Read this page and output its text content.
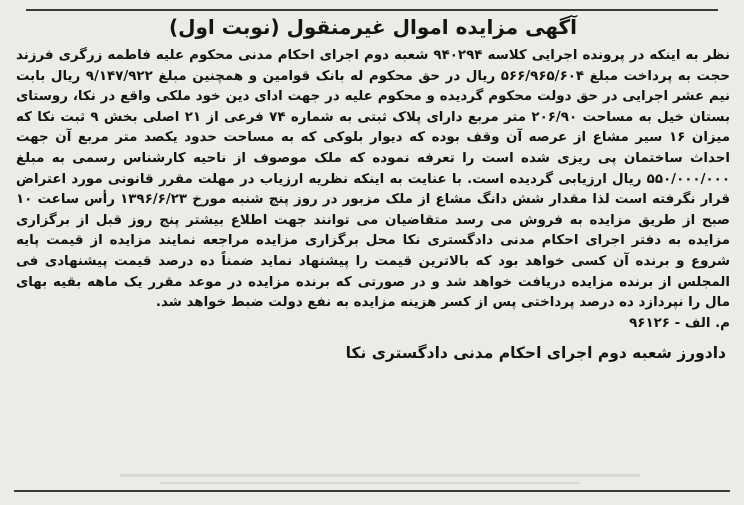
آگهی مزایده اموال غیرمنقول (نوبت اول)

نظر به اینکه در پرونده اجرایی کلاسه ۹۴۰۲۹۴ شعبه دوم اجرای احکام مدنی محکوم علیه فاطمه زرگری فرزند حجت به پرداخت مبلغ ۵۶۶/۹۶۵/۶۰۴ ریال در حق محکوم له بانک قوامین و همچنین مبلغ ۹/۱۴۷/۹۲۲ ریال بابت نیم عشر اجرایی در حق دولت محکوم گردیده و محکوم علیه در جهت ادای دین خود ملکی واقع در نکا، روستای بستان خیل به مساحت ۲۰۶/۹۰ متر مربع دارای پلاک ثبتی به شماره ۷۴ فرعی از ۲۱ اصلی بخش ۹ ثبت نکا که میزان ۱۶ سیر مشاع از عرصه آن وقف بوده که دیوار بلوکی که به مساحت حدود یکصد متر مربع آن جهت احداث ساختمان پی ریزی شده است را تعرفه نموده که ملک موصوف از ناحیه کارشناس رسمی به مبلغ ۵۵۰/۰۰۰/۰۰۰ ریال ارزیابی گردیده است. با عنایت به اینکه نظریه ارزیاب در مهلت مقرر قانونی مورد اعتراض قرار نگرفته است لذا مقدار شش دانگ مشاع از ملک مزبور در روز پنج شنبه مورخ ۱۳۹۶/۶/۲۳ رأس ساعت ۱۰ صبح از طریق مزایده به فروش می رسد متقاضیان می توانند جهت اطلاع بیشتر پنج روز قبل از برگزاری مزایده به دفتر اجرای احکام مدنی دادگستری نکا محل برگزاری مزایده مراجعه نمایند مزایده از قیمت پایه شروع و برنده آن کسی خواهد بود که بالاترین قیمت را پیشنهاد نماید ضمناً ده درصد قیمت پیشنهادی فی المجلس از برنده مزایده دریافت خواهد شد و در صورتی که برنده مزایده در موعد مقرر یک ماهه بقیه بهای مال را نپردازد ده درصد پرداختی پس از کسر هزینه مزایده به نفع دولت ضبط خواهد شد.

م. الف - ۹۶۱۲۶

دادورز شعبه دوم اجرای احکام مدنی دادگستری نکا
